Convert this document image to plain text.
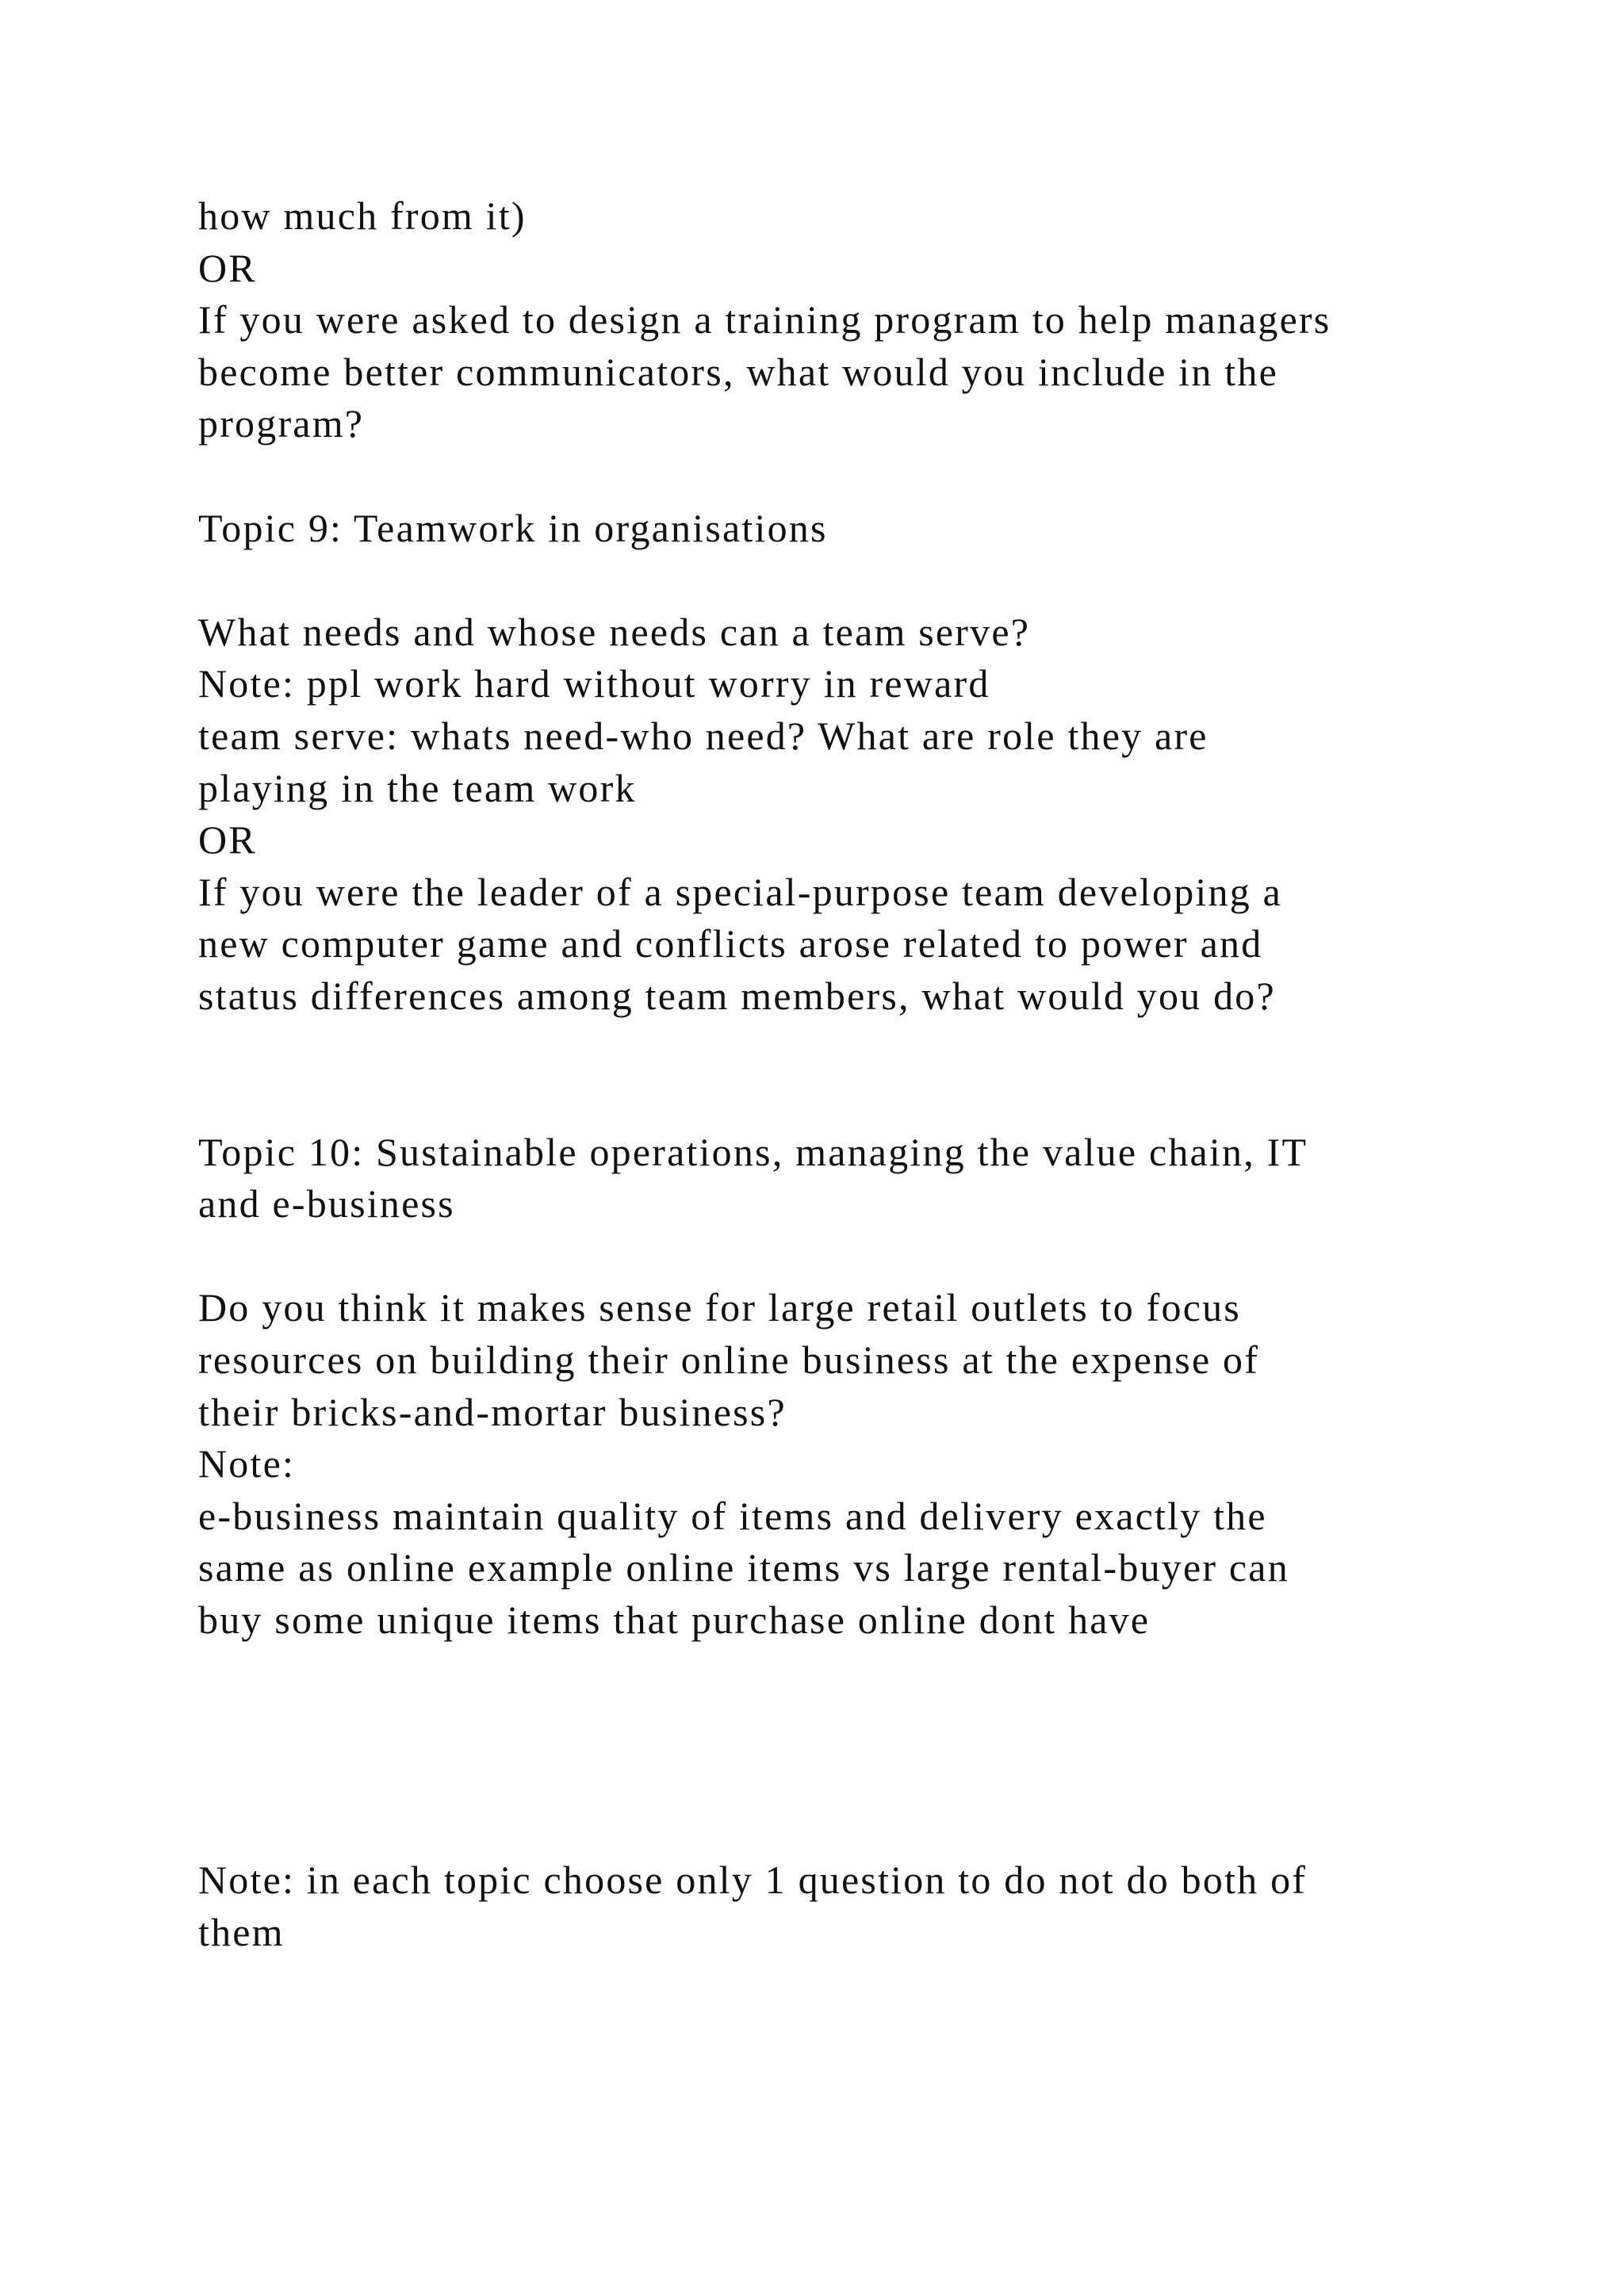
how much from it)
OR
If you were asked to design a training program to help managers
become better communicators, what would you include in the
program?
Topic 9: Teamwork in organisations
What needs and whose needs can a team serve?
Note: ppl work hard without worry in reward
team serve: whats need-who need? What are role they are
playing in the team work
OR
If you were the leader of a special-purpose team developing a
new computer game and conflicts arose related to power and
status differences among team members, what would you do?
Topic 10: Sustainable operations, managing the value chain, IT
and e-business
Do you think it makes sense for large retail outlets to focus
resources on building their online business at the expense of
their bricks-and-mortar business?
Note:
e-business maintain quality of items and delivery exactly the
same as online example online items vs large rental-buyer can
buy some unique items that purchase online dont have
Note: in each topic choose only 1 question to do not do both of
them
